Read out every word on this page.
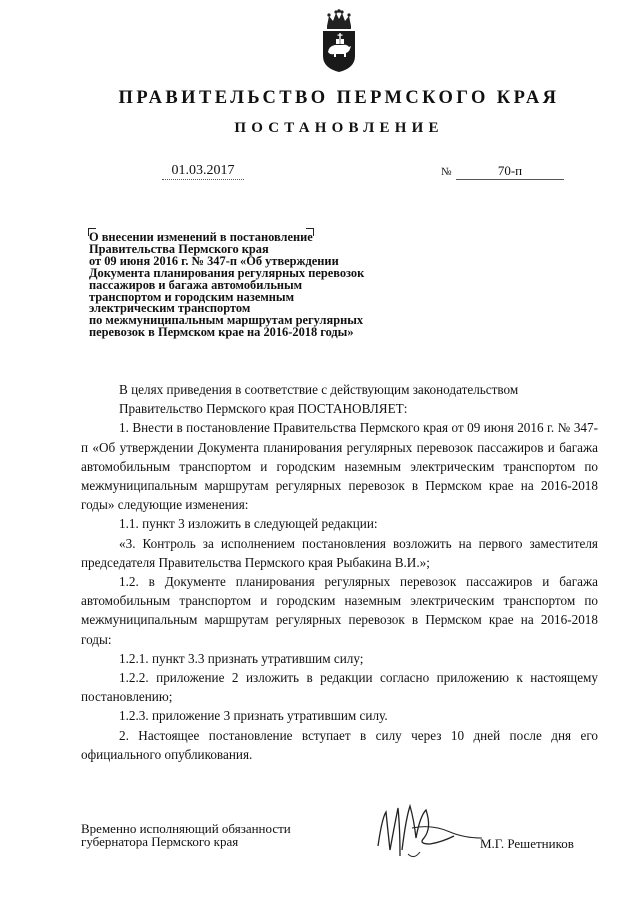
ПРАВИТЕЛЬСТВО ПЕРМСКОГО КРАЯ
ПОСТАНОВЛЕНИЕ
01.03.2017	№	70-п
О внесении изменений в постановление
Правительства Пермского края
от 09 июня 2016 г. № 347-п «Об утверждении
Документа планирования регулярных перевозок
пассажиров и багажа автомобильным
транспортом и городским наземным
электрическим транспортом
по межмуниципальным маршрутам регулярных
перевозок в Пермском крае на 2016-2018 годы»
В целях приведения в соответствие с действующим законодательством
Правительство Пермского края ПОСТАНОВЛЯЕТ:
1. Внести в постановление Правительства Пермского края от 09 июня 2016 г. № 347-п «Об утверждении Документа планирования регулярных перевозок пассажиров и багажа автомобильным транспортом и городским наземным электрическим транспортом по межмуниципальным маршрутам регулярных перевозок в Пермском крае на 2016-2018 годы» следующие изменения:
1.1. пункт 3 изложить в следующей редакции:
«3. Контроль за исполнением постановления возложить на первого заместителя председателя Правительства Пермского края Рыбакина В.И.»;
1.2. в Документе планирования регулярных перевозок пассажиров и багажа автомобильным транспортом и городским наземным электрическим транспортом по межмуниципальным маршрутам регулярных перевозок в Пермском крае на 2016-2018 годы:
1.2.1. пункт 3.3 признать утратившим силу;
1.2.2. приложение 2 изложить в редакции согласно приложению к настоящему постановлению;
1.2.3. приложение 3 признать утратившим силу.
2. Настоящее постановление вступает в силу через 10 дней после дня его официального опубликования.
Временно исполняющий обязанности
губернатора Пермского края	М.Г. Решетников
